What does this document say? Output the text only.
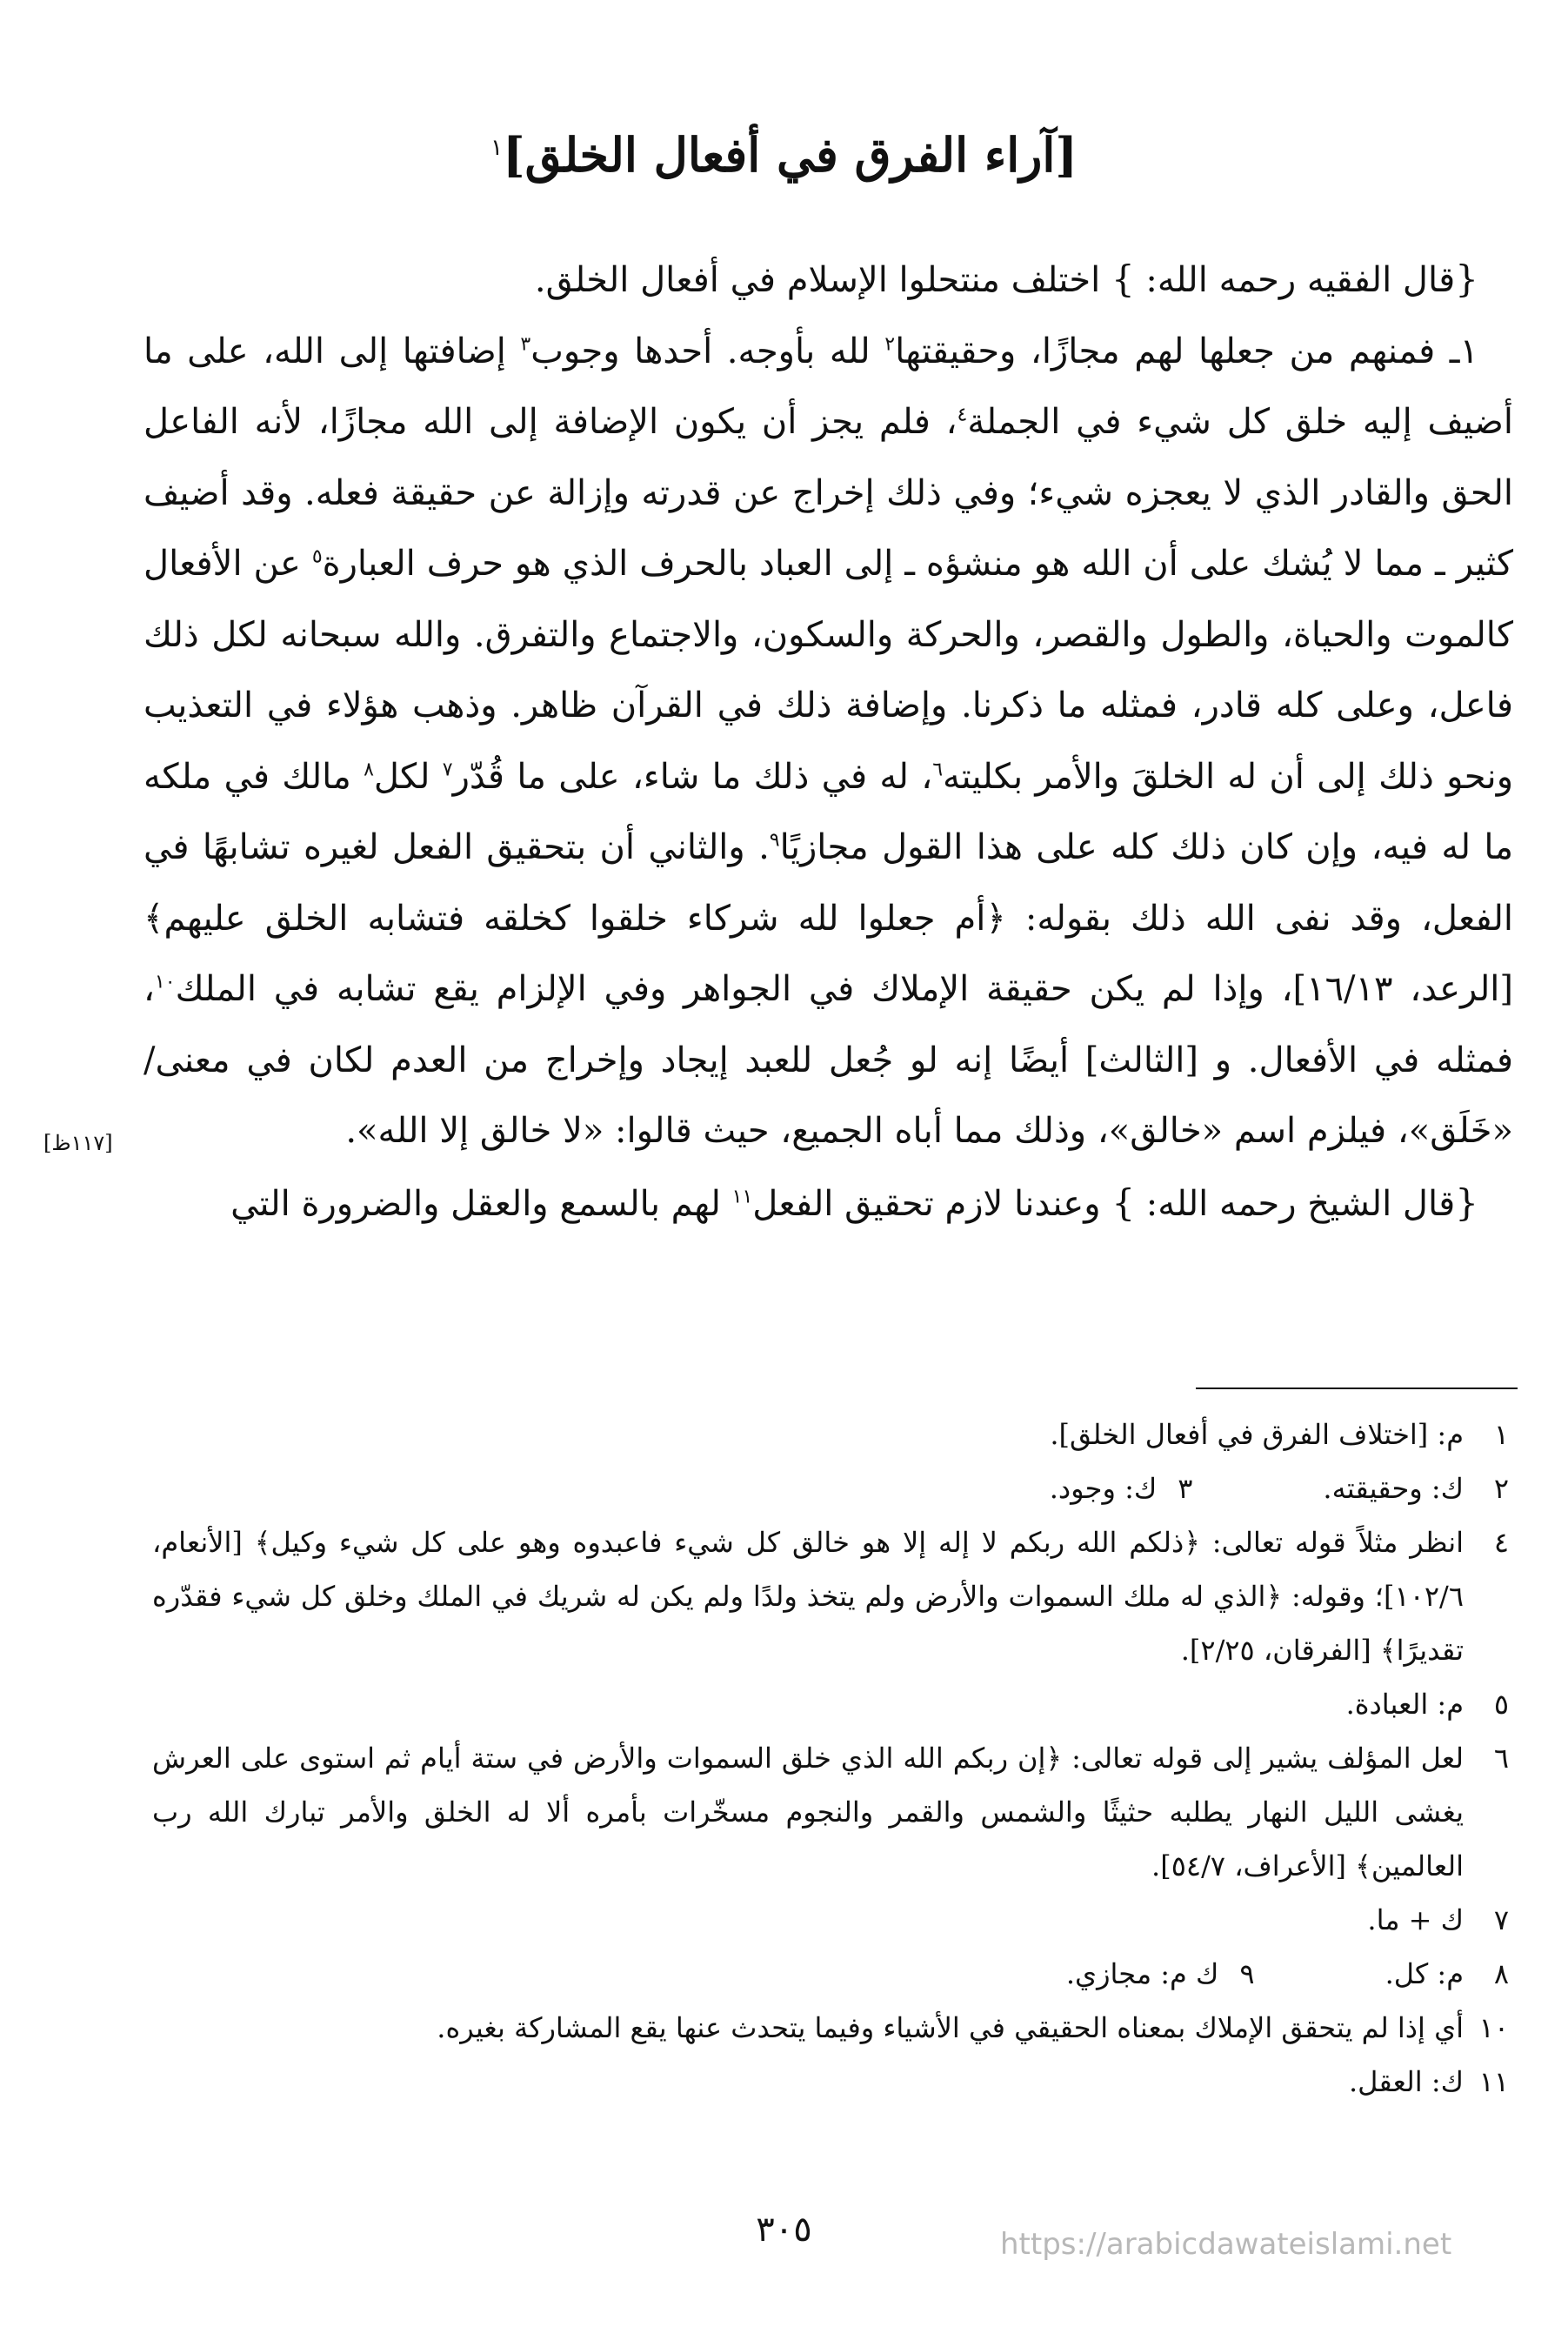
[آراء الفرق في أفعال الخلق]$^١$

{قال الفقيه رحمه الله: } اختلف منتحلوا الإسلام في أفعال الخلق.

١ـ فمنهم من جعلها لهم مجازًا، وحقيقتها$^٢$ لله بأوجه. أحدها وجوب$^٣$ إضافتها إلى الله، على ما أضيف إليه خلق كل شيء في الجملة$^٤$، فلم يجز أن يكون الإضافة إلى الله مجازًا، لأنه الفاعل الحق والقادر الذي لا يعجزه شيء؛ وفي ذلك إخراج عن قدرته وإزالة عن حقيقة فعله. وقد أضيف كثير ـ مما لا يُشك على أن الله هو منشؤه ـ إلى العباد بالحرف الذي هو حرف العبارة$^٥$ عن الأفعال كالموت والحياة، والطول والقصر، والحركة والسكون، والاجتماع والتفرق. والله سبحانه لكل ذلك فاعل، وعلى كله قادر، فمثله ما ذكرنا. وإضافة ذلك في القرآن ظاهر. وذهب هؤلاء في التعذيب ونحو ذلك إلى أن له الخلقَ والأمر بكليته$^٦$، له في ذلك ما شاء، على ما قُدّر$^٧$ لكل$^٨$ مالك في ملكه ما له فيه، وإن كان ذلك كله على هذا القول مجازيًا$^٩$. والثاني أن بتحقيق الفعل لغيره تشابهًا في الفعل، وقد نفى الله ذلك بقوله: ﴿أم جعلوا لله شركاء خلقوا كخلقه فتشابه الخلق عليهم﴾ [الرعد، ١٦/١٣]، وإذا لم يكن حقيقة الإملاك في الجواهر وفي الإلزام يقع تشابه في الملك$^{١٠}$، فمثله في الأفعال. و [الثالث] أيضًا إنه لو جُعل للعبد إيجاد وإخراج من العدم لكان في معنى/ «خَلَق»، فيلزم اسم «خالق»، وذلك مما أباه الجميع، حيث قالوا: «لا خالق إلا الله».

{قال الشيخ رحمه الله: } وعندنا لازم تحقيق الفعل$^{١١}$ لهم بالسمع والعقل والضرورة التي

[١١٧ظ]
١
م: [اختلاف الفرق في أفعال الخلق].
٢
ك: وحقيقته.
٣ك: وجود.
٤
انظر مثلاً قوله تعالى: ﴿ذلكم الله ربكم لا إله إلا هو خالق كل شيء فاعبدوه وهو على كل شيء وكيل﴾ [الأنعام، ١٠٢/٦]؛ وقوله: ﴿الذي له ملك السموات والأرض ولم يتخذ ولدًا ولم يكن له شريك في الملك وخلق كل شيء فقدّره تقديرًا﴾ [الفرقان، ٢/٢٥].
٥
م: العبادة.
٦
لعل المؤلف يشير إلى قوله تعالى: ﴿إن ربكم الله الذي خلق السموات والأرض في ستة أيام ثم استوى على العرش يغشى الليل النهار يطلبه حثيثًا والشمس والقمر والنجوم مسخّرات بأمره ألا له الخلق والأمر تبارك الله رب العالمين﴾ [الأعراف، ٥٤/٧].
٧
ك + ما.
٨
م: كل.
٩ك م: مجازي.
١٠
أي إذا لم يتحقق الإملاك بمعناه الحقيقي في الأشياء وفيما يتحدث عنها يقع المشاركة بغيره.
١١
ك: العقل.
٣٠٥	https://arabicdawateislami.net
